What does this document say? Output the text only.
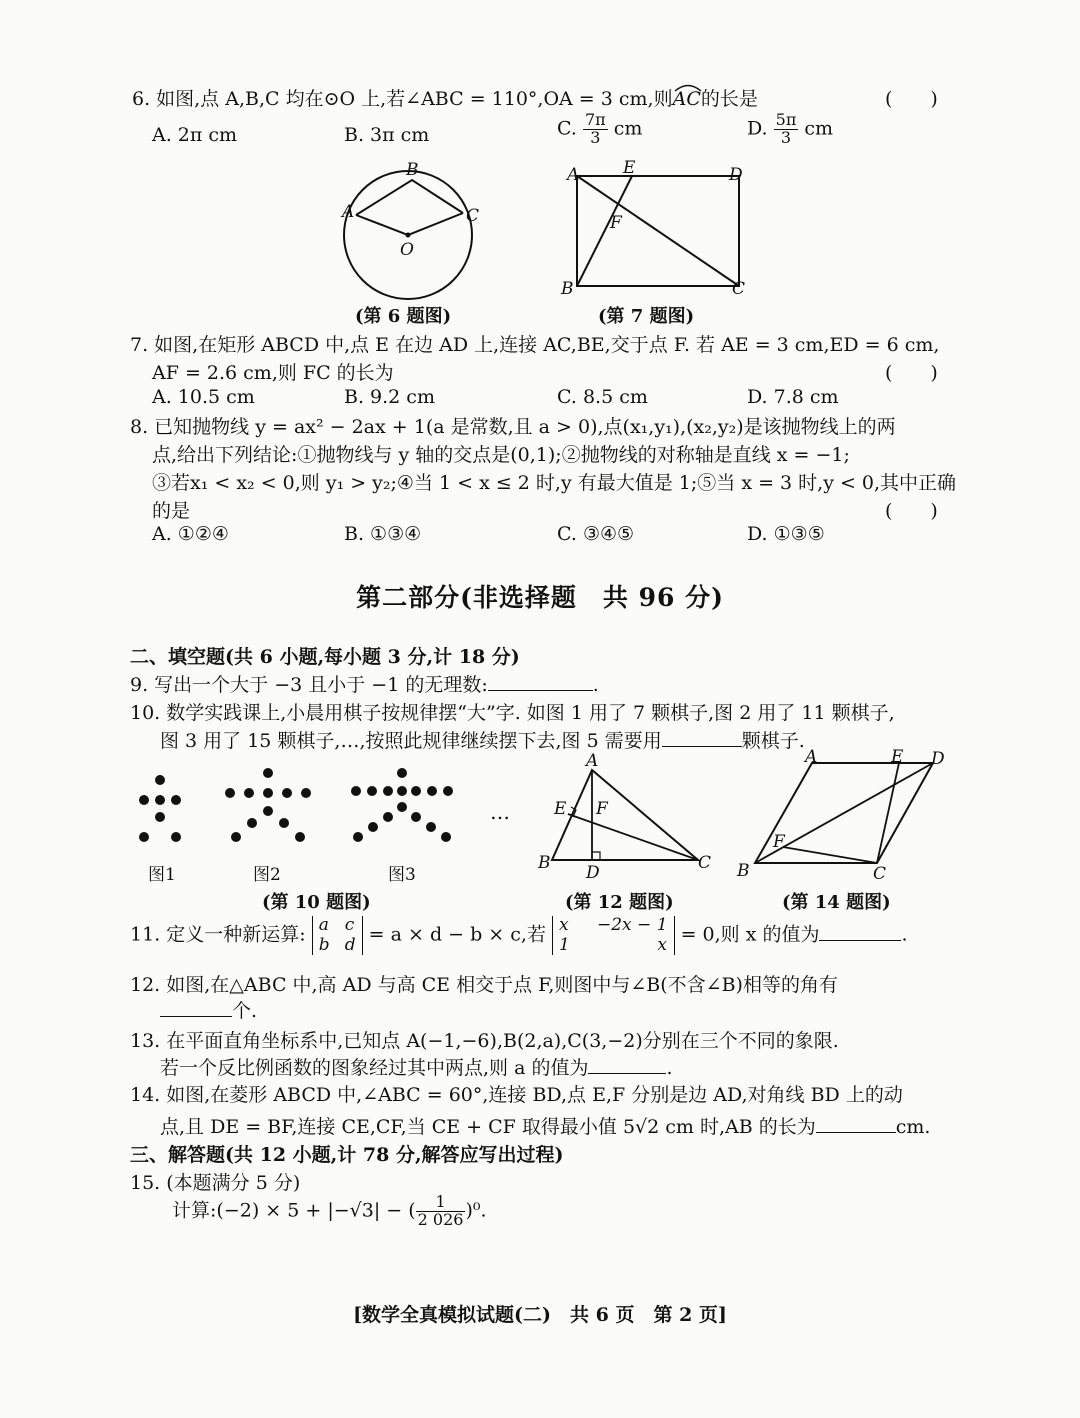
6. 如图,点 A,B,C 均在⊙O 上,若∠ABC = 110°,OA = 3 cm,则
AC的长是	(　　)
A. 2π cm	B. 3π cm	C. $\frac{7\pi}{3}$ cm	D. $\frac{5\pi}{3}$ cm
A
B
C
O
(第 6 题图)
A	E	D
F
B	C
(第 7 题图)
7. 如图,在矩形 ABCD 中,点 E 在边 AD 上,连接 AC,BE,交于点 F. 若 AE = 3 cm,ED = 6 cm,
AF = 2.6 cm,则 FC 的长为	(　　)
A. 10.5 cm	B. 9.2 cm	C. 8.5 cm	D. 7.8 cm
8. 已知抛物线 y = ax² − 2ax + 1(a 是常数,且 a > 0),点(x₁,y₁),(x₂,y₂)是该抛物线上的两
点,给出下列结论:①抛物线与 y 轴的交点是(0,1);②抛物线的对称轴是直线 x = −1;
③若x₁ < x₂ < 0,则 y₁ > y₂;④当 1 < x ≤ 2 时,y 有最大值是 1;⑤当 x = 3 时,y < 0,其中正确
的是	(　　)
A. ①②④	B. ①③④	C. ③④⑤	D. ①③⑤
第二部分(非选择题　共 96 分)
二、填空题(共 6 小题,每小题 3 分,计 18 分)
9. 写出一个大于 −3 且小于 −1 的无理数:	.
10. 数学实践课上,小晨用棋子按规律摆“大”字. 如图 1 用了 7 颗棋子,图 2 用了 11 颗棋子,
图 3 用了 15 颗棋子,…,按照此规律继续摆下去,图 5 需要用	颗棋子.
…
图1	图2	图3
(第 10 题图)
A
E F
B D	C
(第 12 题图)
A	E D
F
B	C
(第 14 题图)
11. 定义一种新运算: a c
b d = a × d − b × c,若 x −2x − 1
1	x = 0,则 x 的值为	.
12. 如图,在△ABC 中,高 AD 与高 CE 相交于点 F,则图中与∠B(不含∠B)相等的角有
个.
13. 在平面直角坐标系中,已知点 A(−1,−6),B(2,a),C(3,−2)分别在三个不同的象限.
若一个反比例函数的图象经过其中两点,则 a 的值为	.
14. 如图,在菱形 ABCD 中,∠ABC = 60°,连接 BD,点 E,F 分别是边 AD,对角线 BD 上的动
点,且 DE = BF,连接 CE,CF,当 CE + CF 取得最小值 5√2 cm 时,AB 的长为	cm.
三、解答题(共 12 小题,计 78 分,解答应写出过程)
15. (本题满分 5 分)
计算:(−2) × 5 + |−√3| − ( $\frac{1}{2 026} )^0$.
[数学全真模拟试题(二)　共 6 页　第 2 页]
